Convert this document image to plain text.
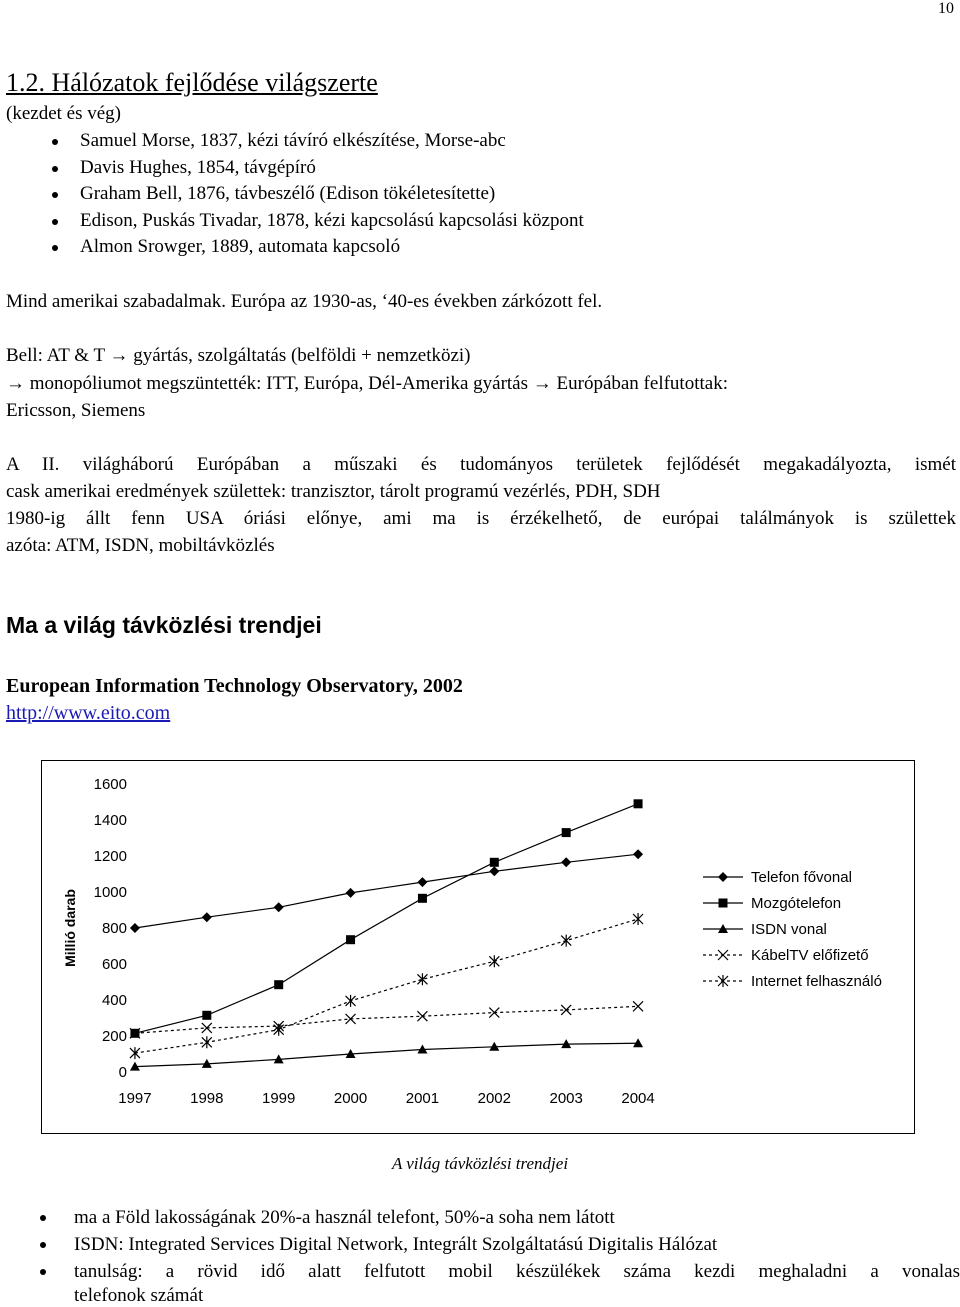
10
1.2. Hálózatok fejlődése világszerte
(kezdet és vég)
Samuel Morse, 1837, kézi távíró elkészítése, Morse-abc
Davis Hughes, 1854, távgépíró
Graham Bell, 1876, távbeszélő (Edison tökéletesítette)
Edison, Puskás Tivadar, 1878, kézi kapcsolású kapcsolási központ
Almon Srowger, 1889, automata kapcsoló
Mind amerikai szabadalmak. Európa az 1930-as, ‘40-es években zárkózott fel.
Bell: AT & T → gyártás, szolgáltatás (belföldi + nemzetközi)
→ monopóliumot megszüntették: ITT, Európa, Dél-Amerika gyártás → Európában felfutottak:
Ericsson, Siemens
A II. világháború Európában a műszaki és tudományos területek fejlődését megakadályozta, ismét
cask amerikai eredmények születtek: tranzisztor, tárolt programú vezérlés, PDH, SDH
1980-ig állt fenn USA óriási előnye, ami ma is érzékelhető, de európai találmányok is születtek
azóta: ATM, ISDN, mobiltávközlés
Ma a világ távközlési trendjei
European Information Technology Observatory, 2002
http://www.eito.com
Millió darab
0
200
400
600
800
1000
1200
1400
1600
1997	1998	1999	2000	2001	2002	2003	2004
Telefon fővonal
Mozgótelefon
ISDN vonal
KábelTV előfizető
Internet felhasználó
A világ távközlési trendjei
ma a Föld lakosságának 20%-a használ telefont, 50%-a soha nem látott
ISDN: Integrated Services Digital Network, Integrált Szolgáltatású Digitalis Hálózat
tanulság: a rövid idő alatt felfutott mobil készülékek száma kezdi meghaladni a vonalas
telefonok számát
